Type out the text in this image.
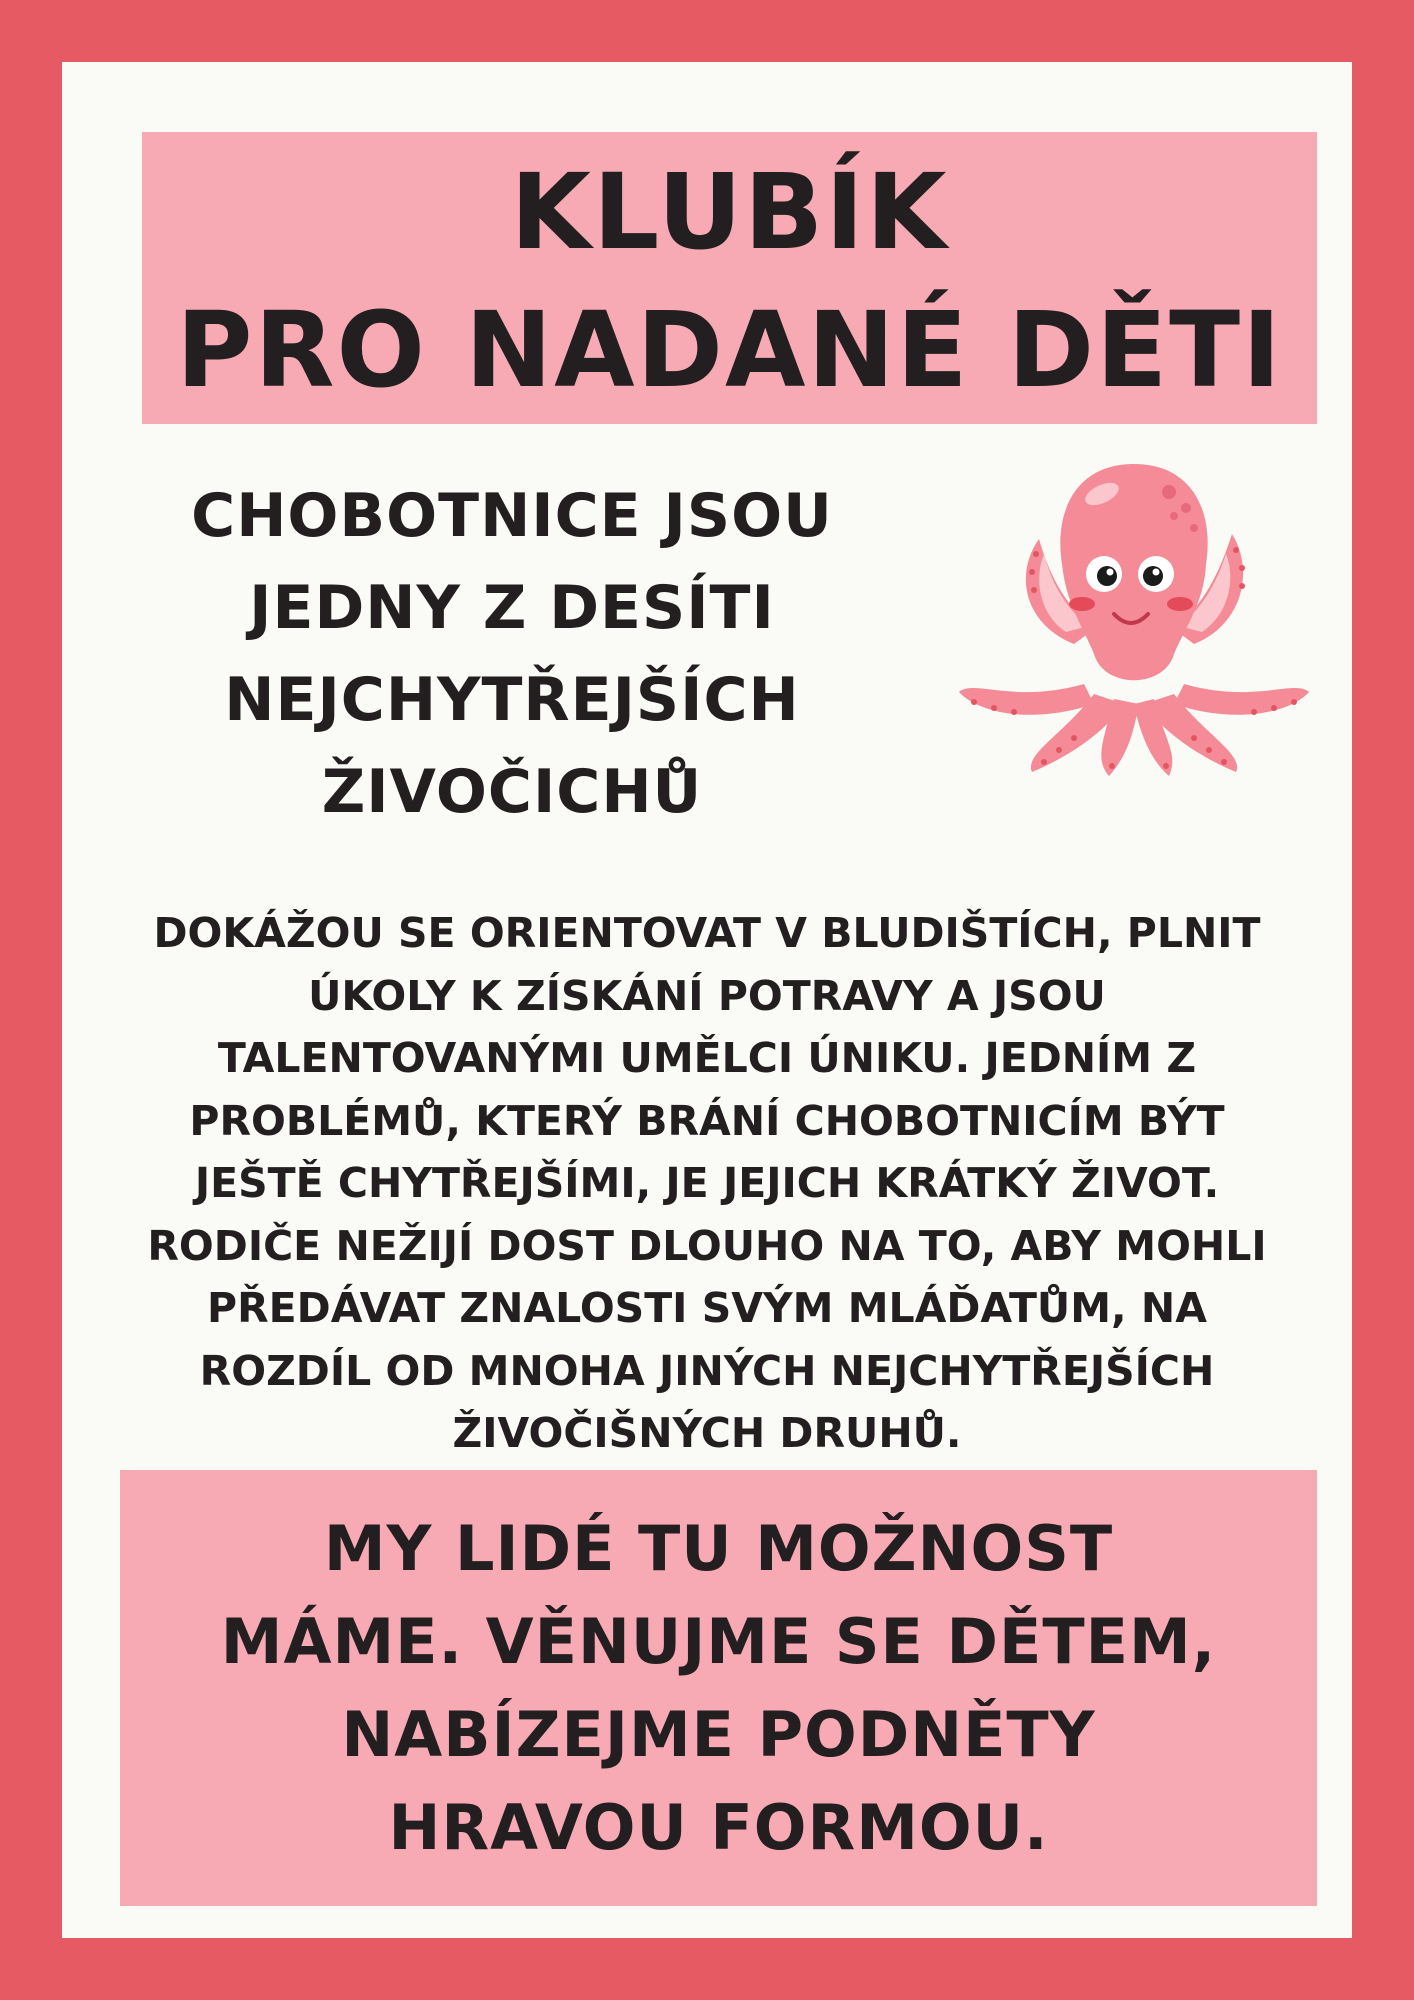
KLUBÍK
PRO NADANÉ DĚTI
CHOBOTNICE JSOU
JEDNY Z DESÍTI
NEJCHYTŘEJŠÍCH
ŽIVOČICHŮ
DOKÁŽOU SE ORIENTOVAT V BLUDIŠTÍCH, PLNIT
ÚKOLY K ZÍSKÁNÍ POTRAVY A JSOU
TALENTOVANÝMI UMĚLCI ÚNIKU. JEDNÍM Z
PROBLÉMŮ, KTERÝ BRÁNÍ CHOBOTNICÍM BÝT
JEŠTĚ CHYTŘEJŠÍMI, JE JEJICH KRÁTKÝ ŽIVOT.
RODIČE NEŽIJÍ DOST DLOUHO NA TO, ABY MOHLI
PŘEDÁVAT ZNALOSTI SVÝM MLÁĎATŮM, NA
ROZDÍL OD MNOHA JINÝCH NEJCHYTŘEJŠÍCH
ŽIVOČIŠNÝCH DRUHŮ.
MY LIDÉ TU MOŽNOST
MÁME. VĚNUJME SE DĚTEM,
NABÍZEJME PODNĚTY
HRAVOU FORMOU.
